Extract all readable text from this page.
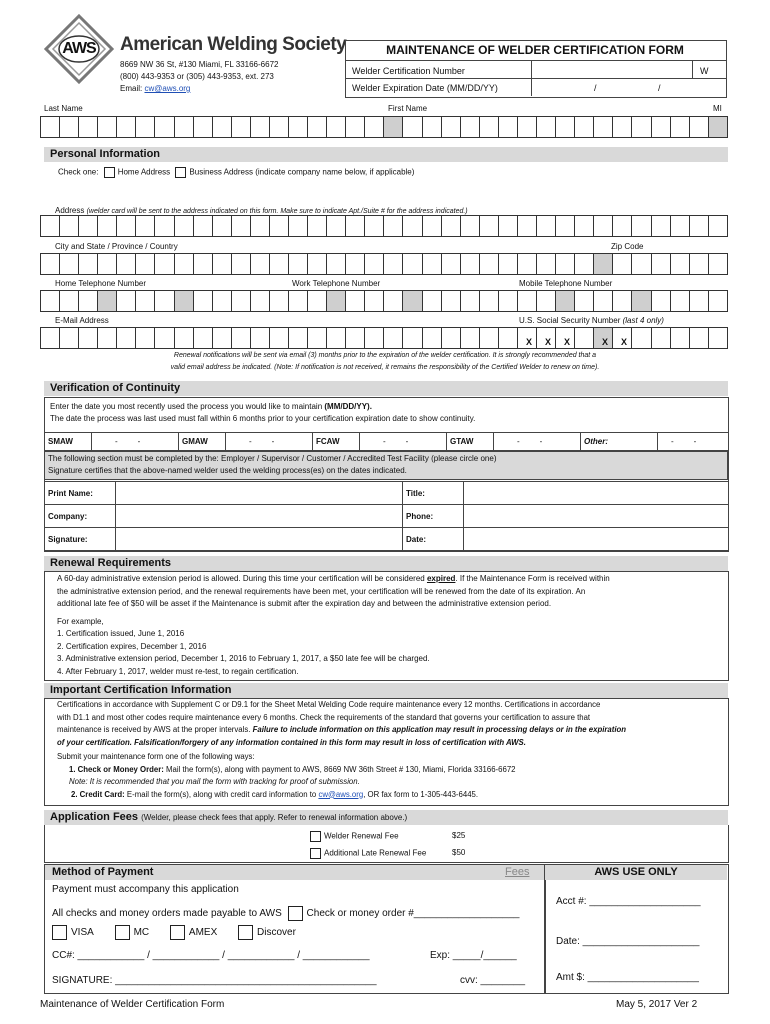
AWS	American Welding Society
8669 NW 36 St, #130 Miami, FL 33166-6672
(800) 443-9353 or (305) 443-9353, ext. 273
Email: cw@aws.org
MAINTENANCE OF WELDER CERTIFICATION FORM
Welder Certification Number	W
Welder Expiration Date (MM/DD/YY)	/	/
Last Name	First Name	MI
Personal Information
Check one: Home Address Business Address (indicate company name below, if applicable)
Address (welder card will be sent to the address indicated on this form. Make sure to indicate Apt./Suite # for the address indicated.)
City and State / Province / Country	Zip Code
Home Telephone Number	Work Telephone Number	Mobile Telephone Number
E-Mail Address	U.S. Social Security Number (last 4 only)
X X X	X X
Renewal notifications will be sent via email (3) months prior to the expiration of the welder certification. It is strongly recommended that a
valid email address be indicated. (Note: If notification is not received, it remains the responsibility of the Certified Welder to renew on time).
Verification of Continuity
Enter the date you most recently used the process you would like to maintain (MM/DD/YY).
The date the process was last used must fall within 6 months prior to your certification expiration date to show continuity.
SMAW	-	-	GMAW	-	-	FCAW	-	-	GTAW	-	-	Other:	-	-
The following section must be completed by the: Employer / Supervisor / Customer / Accredited Test Facility (please circle one)
Signature certifies that the above-named welder used the welding process(es) on the dates indicated.
Print Name:		Title:	
Company:		Phone:	
Signature:		Date:	
Renewal Requirements
A 60-day administrative extension period is allowed. During this time your certification will be considered expired. If the Maintenance Form is received within
the administrative extension period, and the renewal requirements have been met, your certification will be renewed from the date of its expiration. An
additional late fee of $50 will be asset if the Maintenance is submit after the expiration day and between the administrative extension period.
For example,
1. Certification issued, June 1, 2016
2. Certification expires, December 1, 2016
3. Administrative extension period, December 1, 2016 to February 1, 2017, a $50 late fee will be charged.
4. After February 1, 2017, welder must re-test, to regain certification.
Important Certification Information
Certifications in accordance with Supplement C or D9.1 for the Sheet Metal Welding Code require maintenance every 12 months. Certifications in accordance
with D1.1 and most other codes require maintenance every 6 months. Check the requirements of the standard that governs your certification to assure that
maintenance is received by AWS at the proper intervals. Failure to include information on this application may result in processing delays or in the expiration
of your certification. Falsification/forgery of any information contained in this form may result in loss of certification with AWS.
Submit your maintenance form one of the following ways:
1. Check or Money Order: Mail the form(s), along with payment to AWS, 8669 NW 36th Street # 130, Miami, Florida 33166-6672
Note: It is recommended that you mail the form with tracking for proof of submission.
2. Credit Card: E-mail the form(s), along with credit card information to cw@aws.org, OR fax form to 1-305-443-6445.
Application Fees (Welder, please check fees that apply. Refer to renewal information above.)
Welder Renewal Fee	$25
Additional Late Renewal Fee	$50
Method of Payment	Fees
Payment must accompany this application
All checks and money orders made payable to AWS Check or money order #___________________
VISA	MC	AMEX	Discover
CC#: ____________ / ____________ / ____________ / ____________	Exp: _____/______
SIGNATURE: _______________________________________________	cvv: ________
AWS USE ONLY
Acct #: ____________________
Date: _____________________
Amt $: ____________________
Maintenance of Welder Certification Form	May 5, 2017 Ver 2
